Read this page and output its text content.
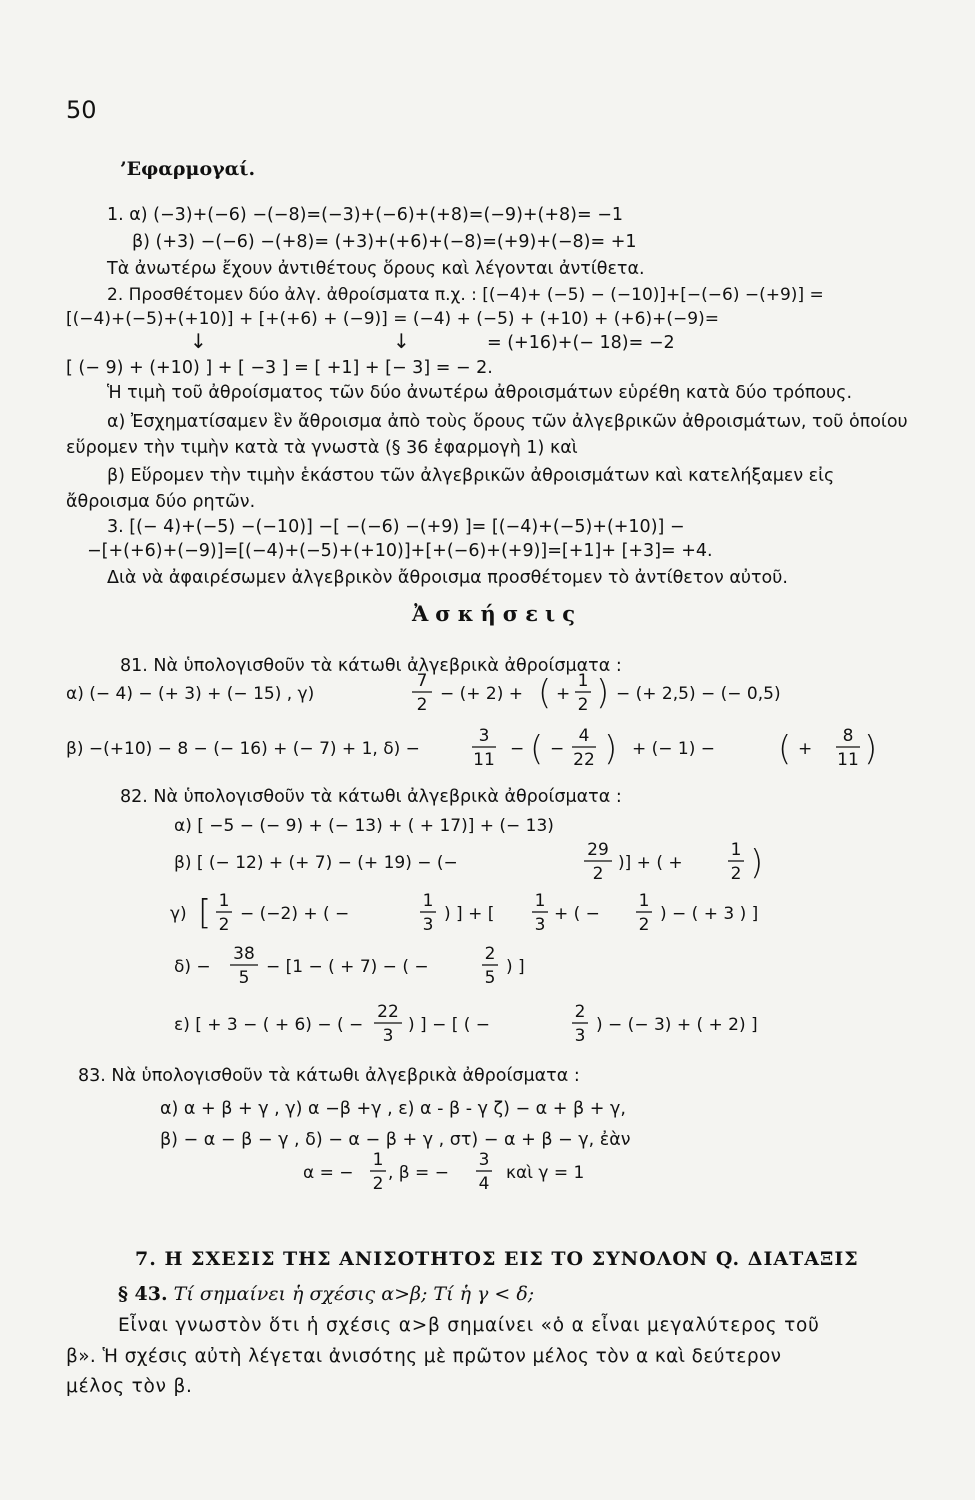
50
’Εφαρμογαί.
1. α) (−3)+(−6) −(−8)=(−3)+(−6)+(+8)=(−9)+(+8)= −1
β) (+3) −(−6) −(+8)= (+3)+(+6)+(−8)=(+9)+(−8)= +1
Τὰ ἀνωτέρω ἔχουν ἀντιθέτους ὅρους καὶ λέγονται ἀντίθετα.
2. Προσθέτομεν δύο ἀλγ. ἀθροίσματα π.χ. : [(−4)+ (−5) − (−10)]+[−(−6) −(+9)] =
[(−4)+(−5)+(+10)] + [+(+6) + (−9)] = (−4) + (−5) + (+10) + (+6)+(−9)=
↓	↓	= (+16)+(− 18)= −2
[ (− 9) + (+10) ] + [ −3 ] = [ +1] + [− 3] = − 2.
Ἡ τιμὴ τοῦ ἀθροίσματος τῶν δύο ἀνωτέρω ἀθροισμάτων εὑρέθη κατὰ δύο τρόπους.
α) Ἐσχηματίσαμεν ἓν ἄθροισμα ἀπὸ τοὺς ὅρους τῶν ἀλγεβρικῶν ἀθροισμάτων, τοῦ ὁποίου
εὕρομεν τὴν τιμὴν κατὰ τὰ γνωστὰ (§ 36 ἐφαρμογὴ 1) καὶ
β) Εὕρομεν τὴν τιμὴν ἑκάστου τῶν ἀλγεβρικῶν ἀθροισμάτων καὶ κατελήξαμεν εἰς
ἄθροισμα δύο ρητῶν.
3. [(− 4)+(−5) −(−10)] −[ −(−6) −(+9) ]= [(−4)+(−5)+(+10)] −
−[+(+6)+(−9)]=[(−4)+(−5)+(+10)]+[+(−6)+(+9)]=[+1]+ [+3]= +4.
Διὰ νὰ ἀφαιρέσωμεν ἀλγεβρικὸν ἄθροισμα προσθέτομεν τὸ ἀντίθετον αὐτοῦ.
Ἀσκήσεις
81. Νὰ ὑπολογισθοῦν τὰ κάτωθι ἀλγεβρικὰ ἀθροίσματα :
α) (− 4) − (+ 3) + (− 15) , γ)
7
2
− (+ 2) + ( +
1
2 ) − (+ 2,5) − (− 0,5)
β) −(+10) − 8 − (− 16) + (− 7) + 1, δ) −
3
11
− ( −
4
22 ) + (− 1) − ( +
8
11 )
82. Νὰ ὑπολογισθοῦν τὰ κάτωθι ἀλγεβρικὰ ἀθροίσματα :
α) [ −5 − (− 9) + (− 13) + ( + 17)] + (− 13)
β) [ (− 12) + (+ 7) − (+ 19) − (−
29
2
)] + ( +
1
2 )
γ) [ 1
2
− (−2) + ( −
1
3
) ] + [
1
3
+ ( −
1
2
) − ( + 3 ) ]
δ) −
38
5
− [1 − ( + 7) − ( −
2
5
) ]
ε) [ + 3 − ( + 6) − ( −
22
3
) ] − [ ( −
2
3
) − (− 3) + ( + 2) ]
83. Νὰ ὑπολογισθοῦν τὰ κάτωθι ἀλγεβρικὰ ἀθροίσματα :
α) α + β + γ , γ) α −β +γ , ε) α - β - γ ζ) − α + β + γ,
β) − α − β − γ , δ) − α − β + γ , στ) − α + β − γ, ἐὰν
α = −
1
2
, β = −
3
4
καὶ γ = 1
7. Η ΣΧΕΣΙΣ ΤΗΣ ΑΝΙΣΟΤΗΤΟΣ ΕΙΣ ΤΟ ΣΥΝΟΛΟΝ Q. ΔΙΑΤΑΞΙΣ
§ 43. Τί σημαίνει ἡ σχέσις α>β; Τί ἡ γ < δ;
Εἶναι γνωστὸν ὅτι ἡ σχέσις α>β σημαίνει «ὁ α εἶναι μεγαλύτερος τοῦ
β». Ἡ σχέσις αὐτὴ λέγεται ἀνισότης μὲ πρῶτον μέλος τὸν α καὶ δεύτερον
μέλος τὸν β.
